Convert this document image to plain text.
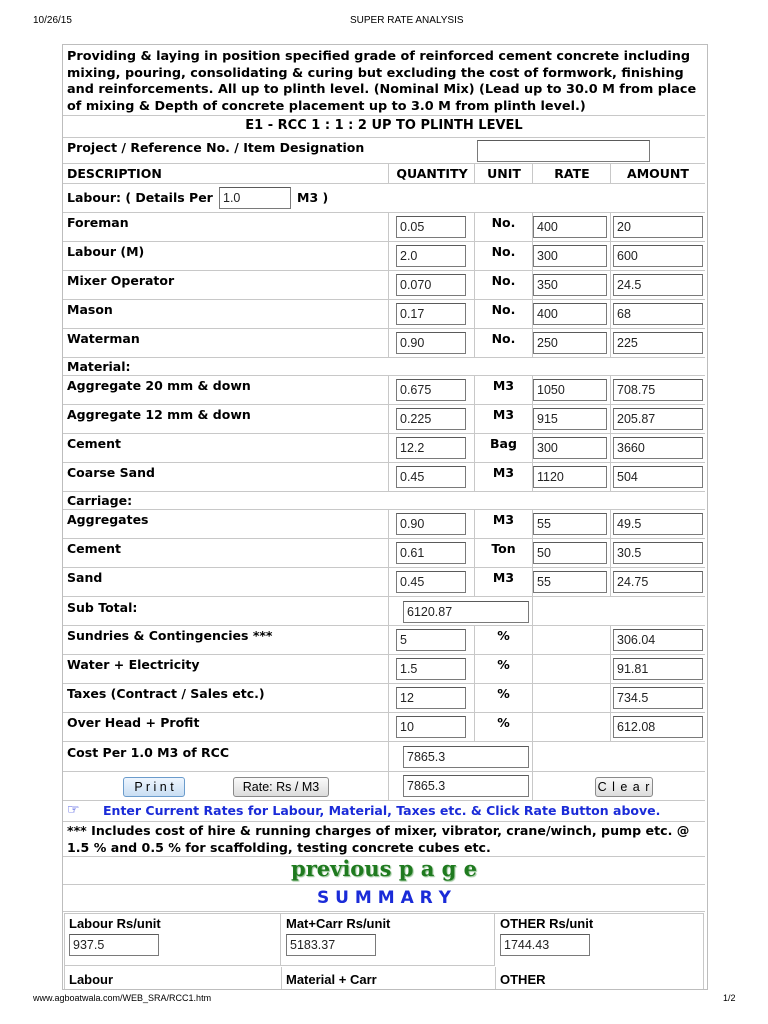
10/26/15	SUPER RATE ANALYSIS
Providing & laying in position specified grade of reinforced cement concrete including mixing, pouring, consolidating & curing but excluding the cost of formwork, finishing and reinforcements. All up to plinth level. (Nominal Mix) (Lead up to 30.0 M from place of mixing & Depth of concrete placement up to 3.0 M from plinth level.)
E1 - RCC 1 : 1 : 2 UP TO PLINTH LEVEL
Project / Reference No. / Item Designation
DESCRIPTION	QUANTITY	UNIT	RATE	AMOUNT
Labour: ( Details Per 1.0	M3 )
Foreman	0.05	No.	400	20
Labour (M)	2.0	No.	300	600
Mixer Operator	0.070	No.	350	24.5
Mason	0.17	No.	400	68
Waterman	0.90	No.	250	225
Material:
Aggregate 20 mm & down	0.675	M3	1050	708.75
Aggregate 12 mm & down	0.225	M3	915	205.87
Cement	12.2	Bag	300	3660
Coarse Sand	0.45	M3	1120	504
Carriage:
Aggregates	0.90	M3	55	49.5
Cement	0.61	Ton	50	30.5
Sand	0.45	M3	55	24.75
Sub Total:	6120.87
Sundries & Contingencies ***	5	%	306.04
Water + Electricity	1.5	%	91.81
Taxes (Contract / Sales etc.)	12	%	734.5
Over Head + Profit	10	%	612.08
Cost Per 1.0 M3 of RCC	7865.3
P r i n t	Rate: Rs / M3	7865.3	C l e a r
☞ Enter Current Rates for Labour, Material, Taxes etc. & Click Rate Button above.
*** Includes cost of hire & running charges of mixer, vibrator, crane/winch, pump etc. @ 1.5 % and 0.5 % for scaffolding, testing concrete cubes etc.
previous p a g e
S U M M A R Y
Labour Rs/unit
937.5
Mat+Carr Rs/unit
5183.37
OTHER Rs/unit
1744.43
Labour	Material + Carr	OTHER
www.agboatwala.com/WEB_SRA/RCC1.htm	1/2
